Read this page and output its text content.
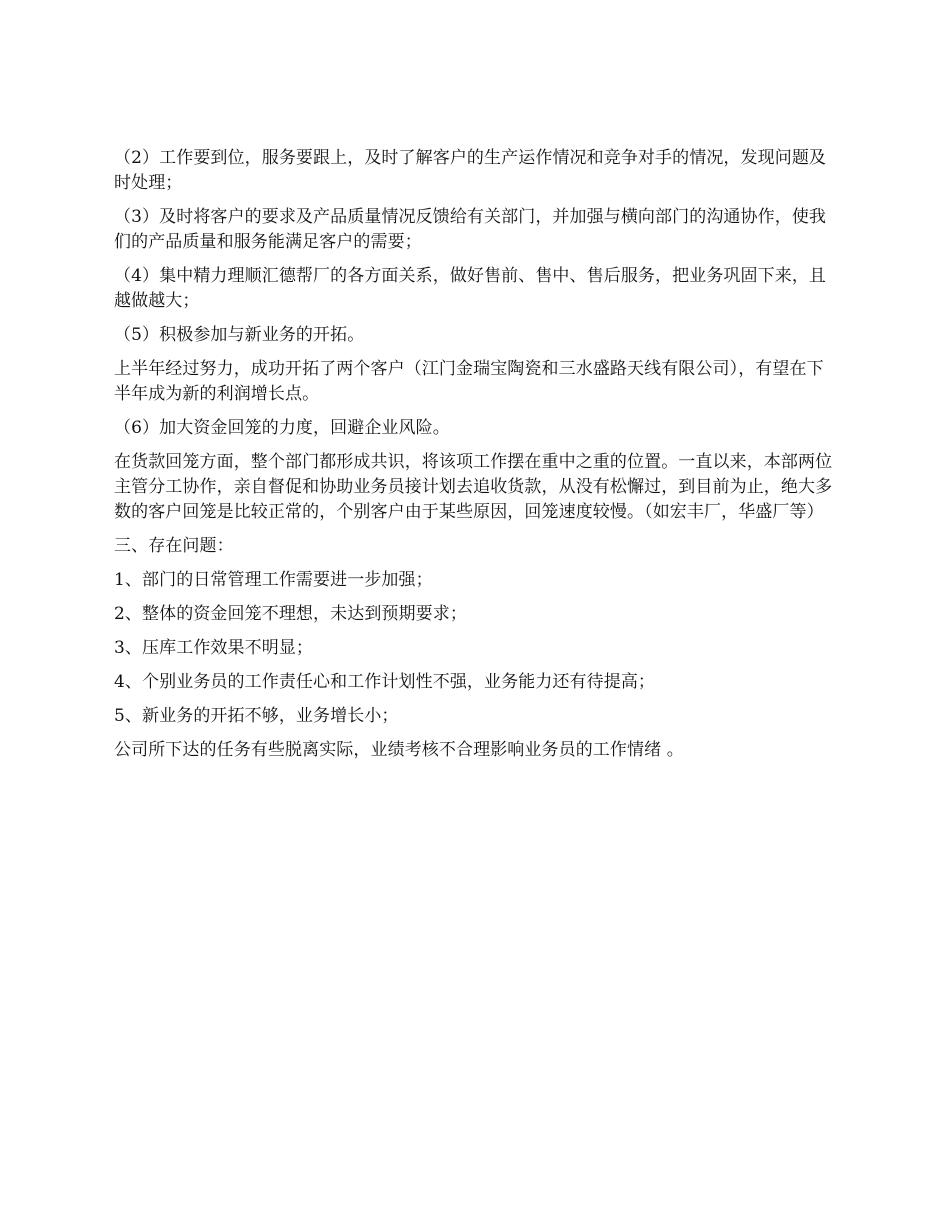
（2）工作要到位，服务要跟上，及时了解客户的生产运作情况和竞争对手的情况，发现问题及时处理；

（3）及时将客户的要求及产品质量情况反馈给有关部门，并加强与横向部门的沟通协作，使我们的产品质量和服务能满足客户的需要；

（4）集中精力理顺汇德帮厂的各方面关系，做好售前、售中、售后服务，把业务巩固下来，且越做越大；

（5）积极参加与新业务的开拓。

上半年经过努力，成功开拓了两个客户（江门金瑞宝陶瓷和三水盛路天线有限公司），有望在下半年成为新的利润增长点。

（6）加大资金回笼的力度，回避企业风险。

在货款回笼方面，整个部门都形成共识，将该项工作摆在重中之重的位置。一直以来，本部两位主管分工协作，亲自督促和协助业务员接计划去追收货款，从没有松懈过，到目前为止，绝大多数的客户回笼是比较正常的，个别客户由于某些原因，回笼速度较慢。（如宏丰厂，华盛厂等）

三、存在问题：

1、部门的日常管理工作需要进一步加强；

2、整体的资金回笼不理想，未达到预期要求；

3、压库工作效果不明显；

4、个别业务员的工作责任心和工作计划性不强，业务能力还有待提高；

5、新业务的开拓不够，业务增长小；

公司所下达的任务有些脱离实际，业绩考核不合理影响业务员的工作情绪 。
